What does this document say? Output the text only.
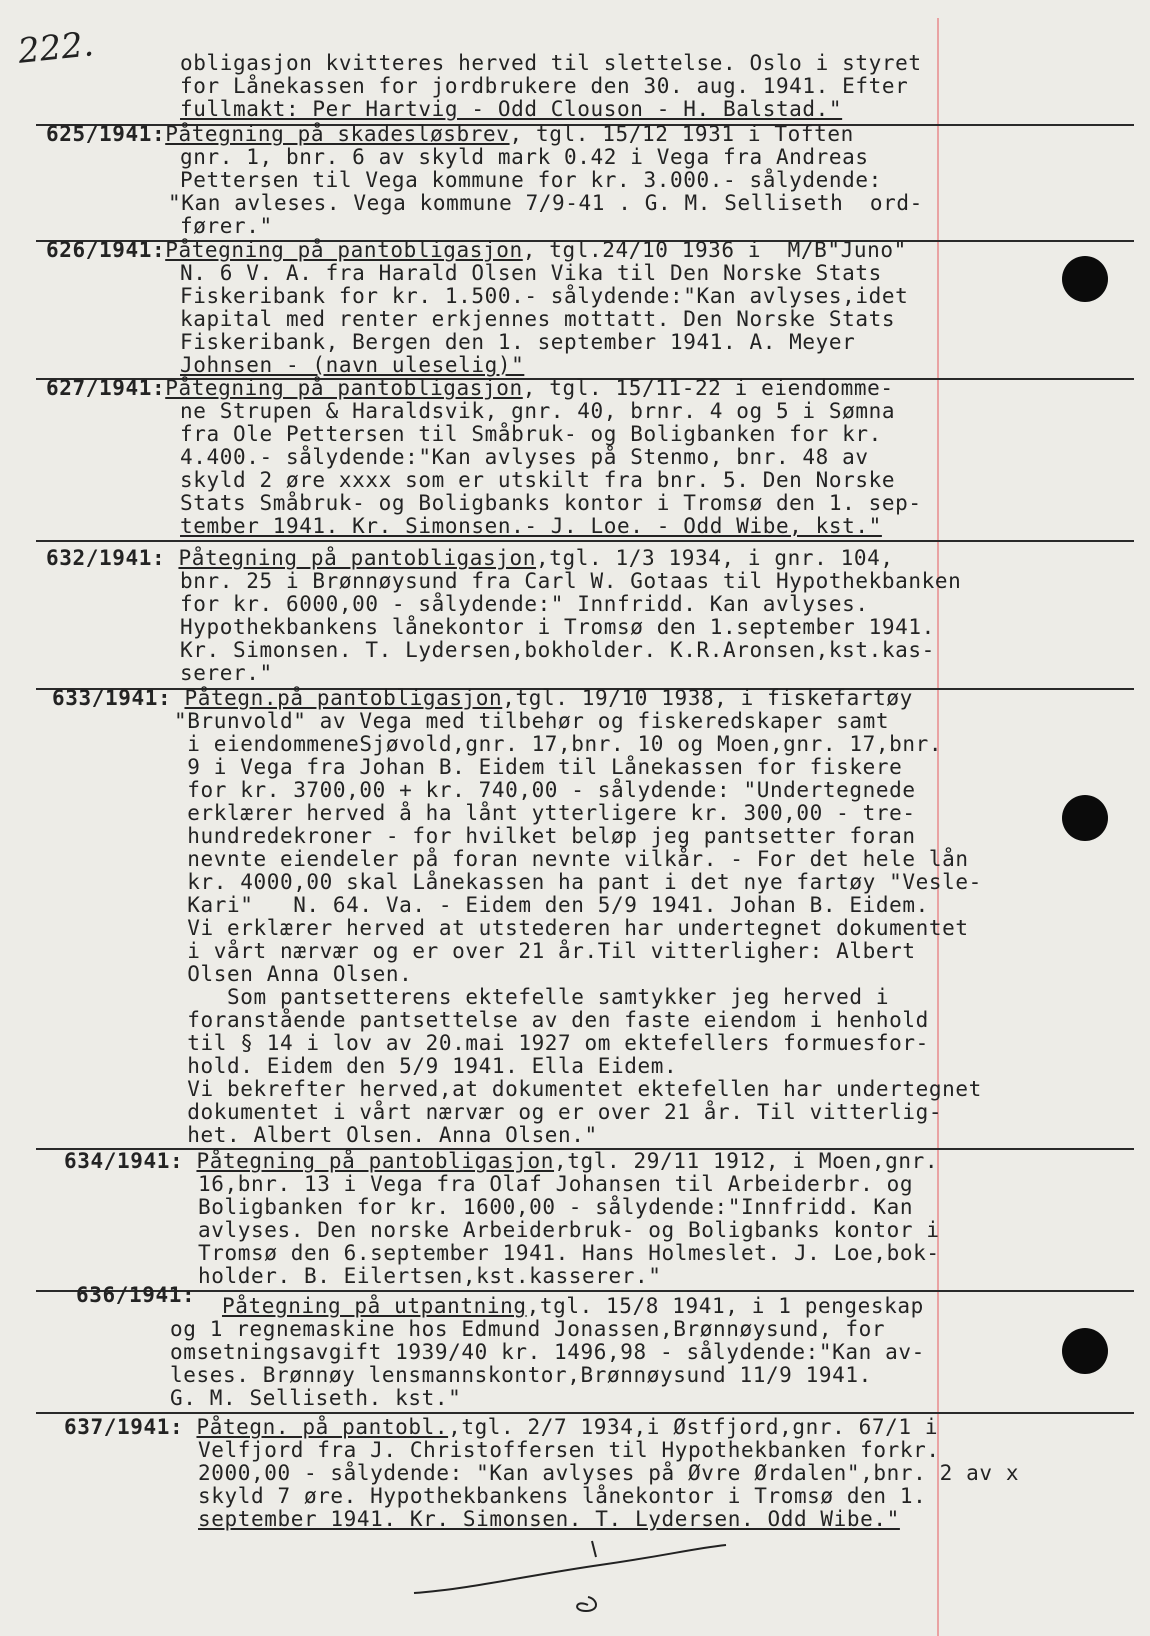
222.	obligasjon kvitteres herved til slettelse. Oslo i styret
for Lånekassen for jordbrukere den 30. aug. 1941. Efter
fullmakt: Per Hartvig - Odd Clouson - H. Balstad."
625/1941:Påtegning på skadesløsbrev, tgl. 15/12 1931 i Toften
gnr. 1, bnr. 6 av skyld mark 0.42 i Vega fra Andreas
Pettersen til Vega kommune for kr. 3.000.- sålydende:
"Kan avleses. Vega kommune 7/9-41 . G. M. Selliseth  ord-
fører."
626/1941:Påtegning på pantobligasjon, tgl.24/10 1936 i  M/B"Juno"
N. 6 V. A. fra Harald Olsen Vika til Den Norske Stats
Fiskeribank for kr. 1.500.- sålydende:"Kan avlyses,idet
kapital med renter erkjennes mottatt. Den Norske Stats
Fiskeribank, Bergen den 1. september 1941. A. Meyer
Johnsen - (navn uleselig)"
627/1941:Påtegning på pantobligasjon, tgl. 15/11-22 i eiendomme-
ne Strupen & Haraldsvik, gnr. 40, brnr. 4 og 5 i Sømna
fra Ole Pettersen til Småbruk- og Boligbanken for kr.
4.400.- sålydende:"Kan avlyses på Stenmo, bnr. 48 av
skyld 2 øre xxxx som er utskilt fra bnr. 5. Den Norske
Stats Småbruk- og Boligbanks kontor i Tromsø den 1. sep-
tember 1941. Kr. Simonsen.- J. Loe. - Odd Wibe, kst."
632/1941: Påtegning på pantobligasjon,tgl. 1/3 1934, i gnr. 104,
bnr. 25 i Brønnøysund fra Carl W. Gotaas til Hypothekbanken
for kr. 6000,00 - sålydende:" Innfridd. Kan avlyses.
Hypothekbankens lånekontor i Tromsø den 1.september 1941.
Kr. Simonsen. T. Lydersen,bokholder. K.R.Aronsen,kst.kas-
serer."
633/1941: Påtegn.på pantobligasjon,tgl. 19/10 1938, i fiskefartøy
"Brunvold" av Vega med tilbehør og fiskeredskaper samt
i eiendommeneSjøvold,gnr. 17,bnr. 10 og Moen,gnr. 17,bnr.
9 i Vega fra Johan B. Eidem til Lånekassen for fiskere
for kr. 3700,00 + kr. 740,00 - sålydende: "Undertegnede
erklærer herved å ha lånt ytterligere kr. 300,00 - tre-
hundredekroner - for hvilket beløp jeg pantsetter foran
nevnte eiendeler på foran nevnte vilkår. - For det hele lån
kr. 4000,00 skal Lånekassen ha pant i det nye fartøy "Vesle-
Kari"   N. 64. Va. - Eidem den 5/9 1941. Johan B. Eidem.
Vi erklærer herved at utstederen har undertegnet dokumentet
i vårt nærvær og er over 21 år.Til vitterligher: Albert
Olsen Anna Olsen.
Som pantsetterens ektefelle samtykker jeg herved i
foranstående pantsettelse av den faste eiendom i henhold
til § 14 i lov av 20.mai 1927 om ektefellers formuesfor-
hold. Eidem den 5/9 1941. Ella Eidem.
Vi bekrefter herved,at dokumentet ektefellen har undertegnet
dokumentet i vårt nærvær og er over 21 år. Til vitterlig-
het. Albert Olsen. Anna Olsen."
634/1941: Påtegning på pantobligasjon,tgl. 29/11 1912, i Moen,gnr.
16,bnr. 13 i Vega fra Olaf Johansen til Arbeiderbr. og
Boligbanken for kr. 1600,00 - sålydende:"Innfridd. Kan
avlyses. Den norske Arbeiderbruk- og Boligbanks kontor i
Tromsø den 6.september 1941. Hans Holmeslet. J. Loe,bok-
holder. B. Eilertsen,kst.kasserer."
636/1941: Påtegning på utpantning,tgl. 15/8 1941, i 1 pengeskap
og 1 regnemaskine hos Edmund Jonassen,Brønnøysund, for
omsetningsavgift 1939/40 kr. 1496,98 - sålydende:"Kan av-
leses. Brønnøy lensmannskontor,Brønnøysund 11/9 1941.
G. M. Selliseth. kst."
637/1941: Påtegn. på pantobl.,tgl. 2/7 1934,i Østfjord,gnr. 67/1 i
Velfjord fra J. Christoffersen til Hypothekbanken forkr.
2000,00 - sålydende: "Kan avlyses på Øvre Ørdalen",bnr. 2 av x
skyld 7 øre. Hypothekbankens lånekontor i Tromsø den 1.
september 1941. Kr. Simonsen. T. Lydersen. Odd Wibe."
